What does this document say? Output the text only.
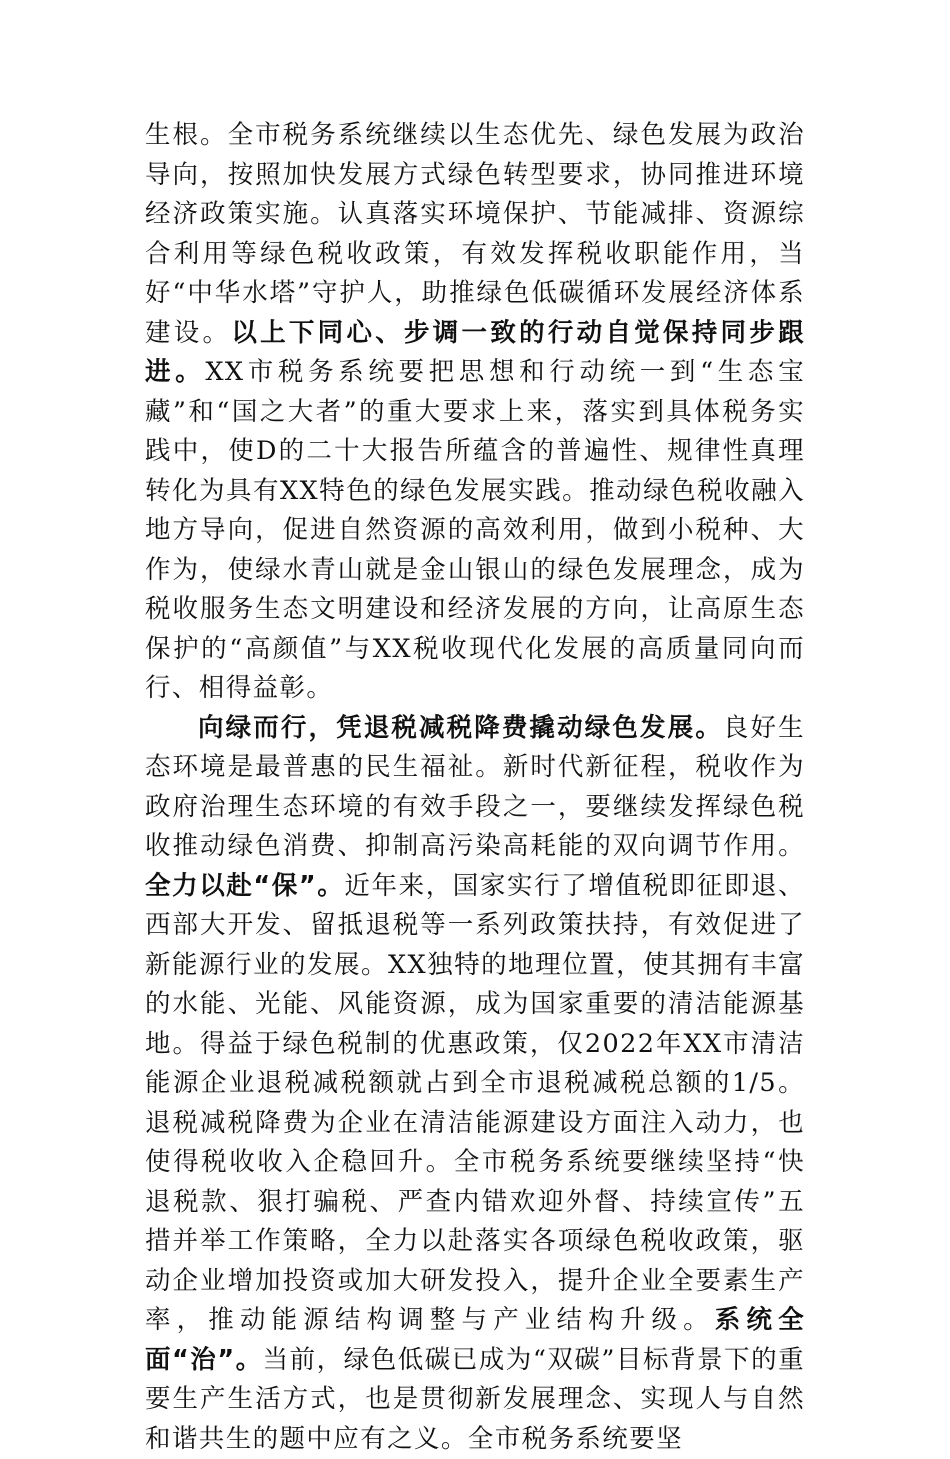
生根。全市税务系统继续以生态优先、绿色发展为政治导向，按照加快发展方式绿色转型要求，协同推进环境经济政策实施。认真落实环境保护、节能减排、资源综合利用等绿色税收政策，有效发挥税收职能作用，当好“中华水塔”守护人，助推绿色低碳循环发展经济体系建设。以上下同心、步调一致的行动自觉保持同步跟进。XX市税务系统要把思想和行动统一到“生态宝藏”和“国之大者”的重大要求上来，落实到具体税务实践中，使D的二十大报告所蕴含的普遍性、规律性真理转化为具有XX特色的绿色发展实践。推动绿色税收融入地方导向，促进自然资源的高效利用，做到小税种、大作为，使绿水青山就是金山银山的绿色发展理念，成为税收服务生态文明建设和经济发展的方向，让高原生态保护的“高颜值”与XX税收现代化发展的高质量同向而行、相得益彰。

向绿而行，凭退税减税降费撬动绿色发展。良好生态环境是最普惠的民生福祉。新时代新征程，税收作为政府治理生态环境的有效手段之一，要继续发挥绿色税收推动绿色消费、抑制高污染高耗能的双向调节作用。全力以赴“保”。近年来，国家实行了增值税即征即退、西部大开发、留抵退税等一系列政策扶持，有效促进了新能源行业的发展。XX独特的地理位置，使其拥有丰富的水能、光能、风能资源，成为国家重要的清洁能源基地。得益于绿色税制的优惠政策，仅2022年XX市清洁能源企业退税减税额就占到全市退税减税总额的1/5。退税减税降费为企业在清洁能源建设方面注入动力，也使得税收收入企稳回升。全市税务系统要继续坚持“快退税款、狠打骗税、严查内错欢迎外督、持续宣传”五措并举工作策略，全力以赴落实各项绿色税收政策，驱动企业增加投资或加大研发投入，提升企业全要素生产率，推动能源结构调整与产业结构升级。系统全面“治”。当前，绿色低碳已成为“双碳”目标背景下的重要生产生活方式，也是贯彻新发展理念、实现人与自然和谐共生的题中应有之义。全市税务系统要坚
